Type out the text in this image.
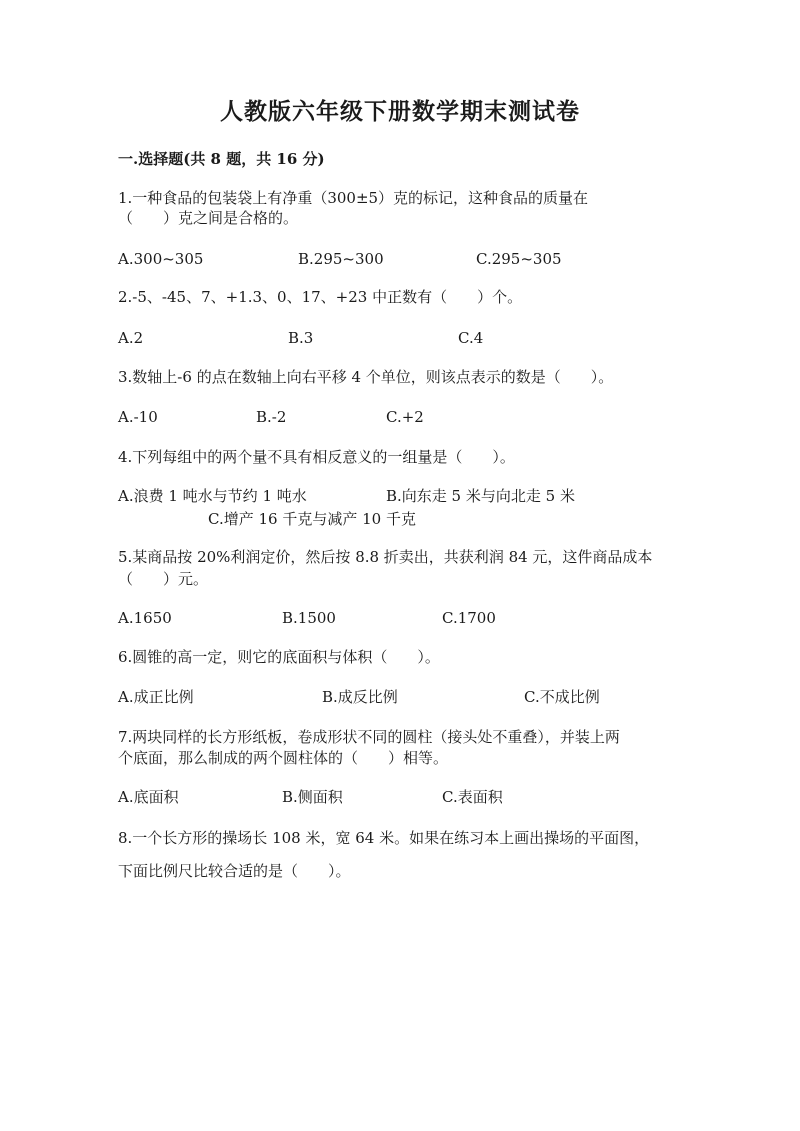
人教版六年级下册数学期末测试卷
一.选择题(共 8 题，共 16 分)
1.一种食品的包装袋上有净重（300±5）克的标记，这种食品的质量在
（　　）克之间是合格的。
A.300~305	B.295~300	C.295~305
2.-5、-45、7、+1.3、0、17、+23 中正数有（　　）个。
A.2	B.3	C.4
3.数轴上-6 的点在数轴上向右平移 4 个单位，则该点表示的数是（　　）。
A.-10	B.-2	C.+2
4.下列每组中的两个量不具有相反意义的一组量是（　　）。
A.浪费 1 吨水与节约 1 吨水	B.向东走 5 米与向北走 5 米
C.增产 16 千克与减产 10 千克
5.某商品按 20%利润定价，然后按 8.8 折卖出，共获利润 84 元，这件商品成本
（　　）元。
A.1650	B.1500	C.1700
6.圆锥的高一定，则它的底面积与体积（　　）。
A.成正比例	B.成反比例	C.不成比例
7.两块同样的长方形纸板，卷成形状不同的圆柱（接头处不重叠），并装上两
个底面，那么制成的两个圆柱体的（　　）相等。
A.底面积	B.侧面积	C.表面积
8.一个长方形的操场长 108 米，宽 64 米。如果在练习本上画出操场的平面图，
下面比例尺比较合适的是（　　）。
